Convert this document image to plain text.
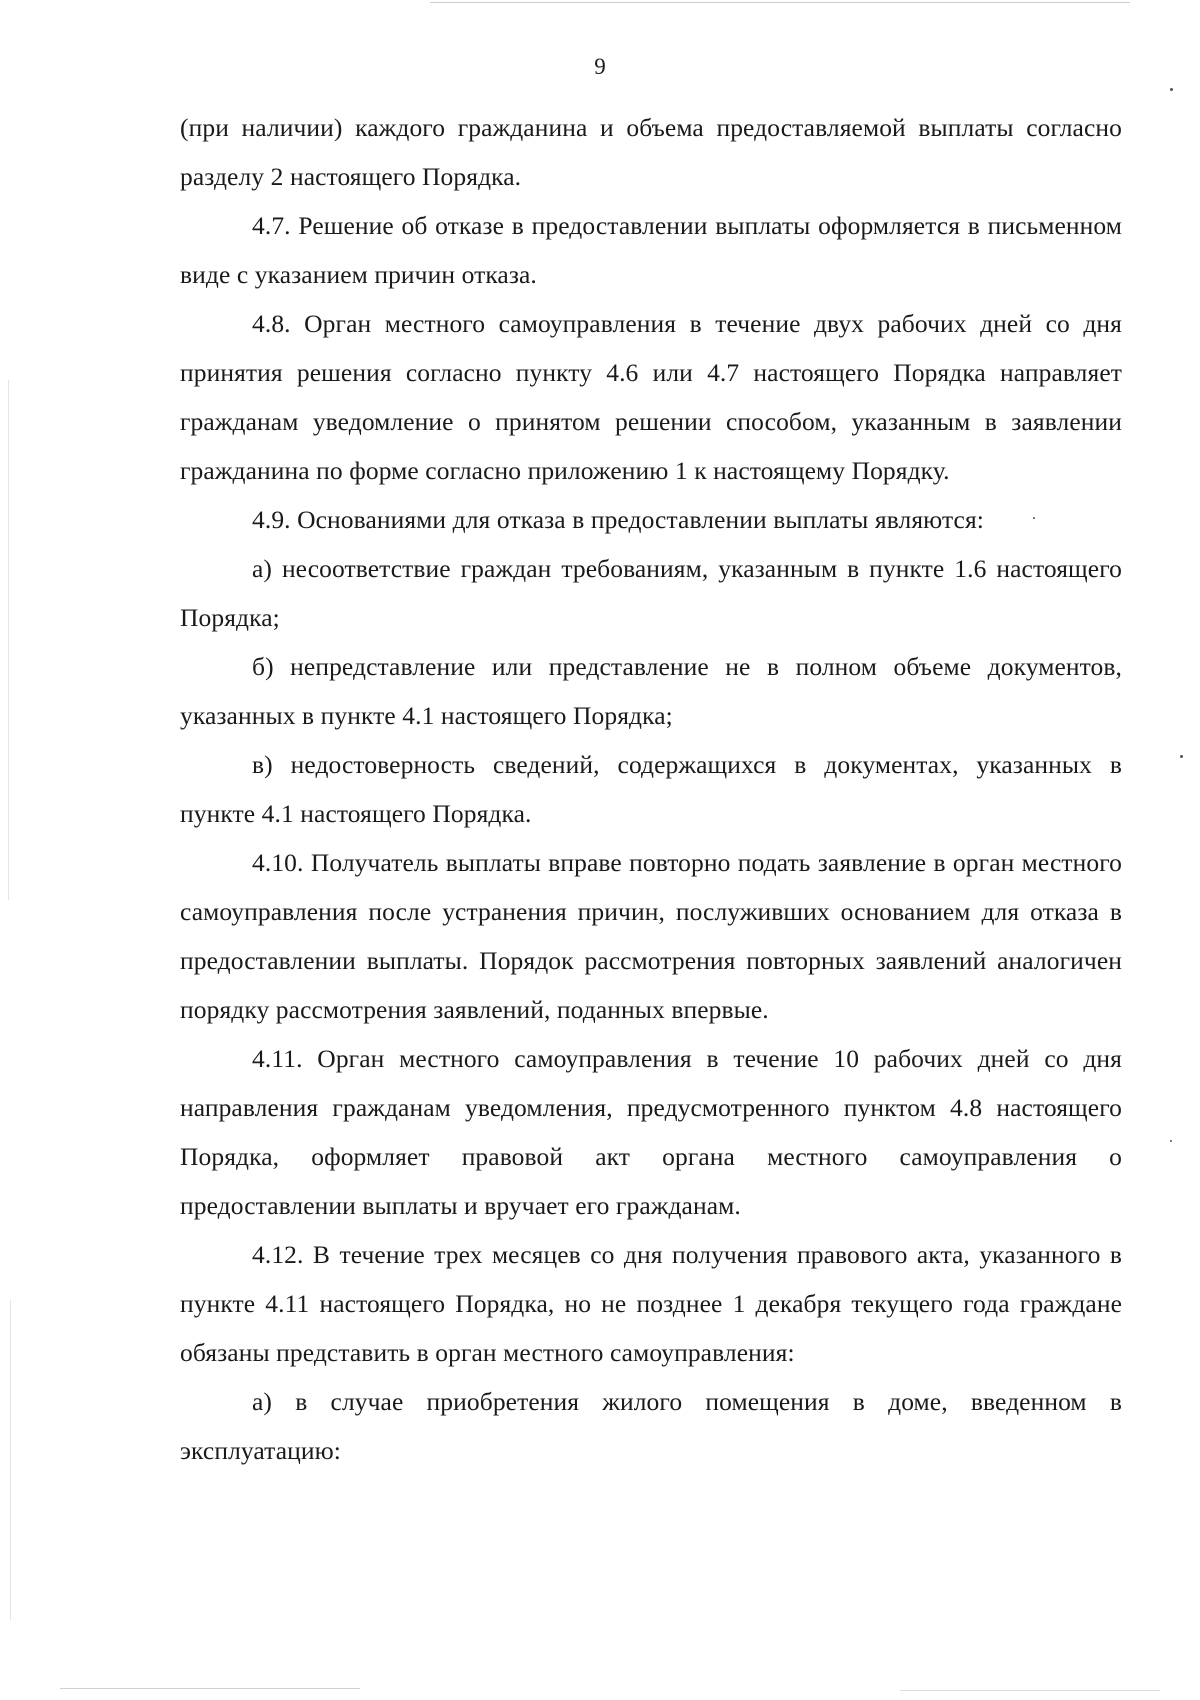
9

(при наличии) каждого гражданина и объема предоставляемой выплаты согласно разделу 2 настоящего Порядка.

4.7. Решение об отказе в предоставлении выплаты оформляется в письменном виде с указанием причин отказа.

4.8. Орган местного самоуправления в течение двух рабочих дней со дня принятия решения согласно пункту 4.6 или 4.7 настоящего Порядка направляет гражданам уведомление о принятом решении способом, указанным в заявлении гражданина по форме согласно приложению 1 к настоящему Порядку.

4.9. Основаниями для отказа в предоставлении выплаты являются:

а) несоответствие граждан требованиям, указанным в пункте 1.6 настоящего Порядка;

б) непредставление или представление не в полном объеме документов, указанных в пункте 4.1 настоящего Порядка;

в) недостоверность сведений, содержащихся в документах, указанных в пункте 4.1 настоящего Порядка.

4.10. Получатель выплаты вправе повторно подать заявление в орган местного самоуправления после устранения причин, послуживших основанием для отказа в предоставлении выплаты. Порядок рассмотрения повторных заявлений аналогичен порядку рассмотрения заявлений, поданных впервые.

4.11. Орган местного самоуправления в течение 10 рабочих дней со дня направления гражданам уведомления, предусмотренного пунктом 4.8 настоящего Порядка, оформляет правовой акт органа местного самоуправления о предоставлении выплаты и вручает его гражданам.

4.12. В течение трех месяцев со дня получения правового акта, указанного в пункте 4.11 настоящего Порядка, но не позднее 1 декабря текущего года граждане обязаны представить в орган местного самоуправления:

а) в случае приобретения жилого помещения в доме, введенном в эксплуатацию:
